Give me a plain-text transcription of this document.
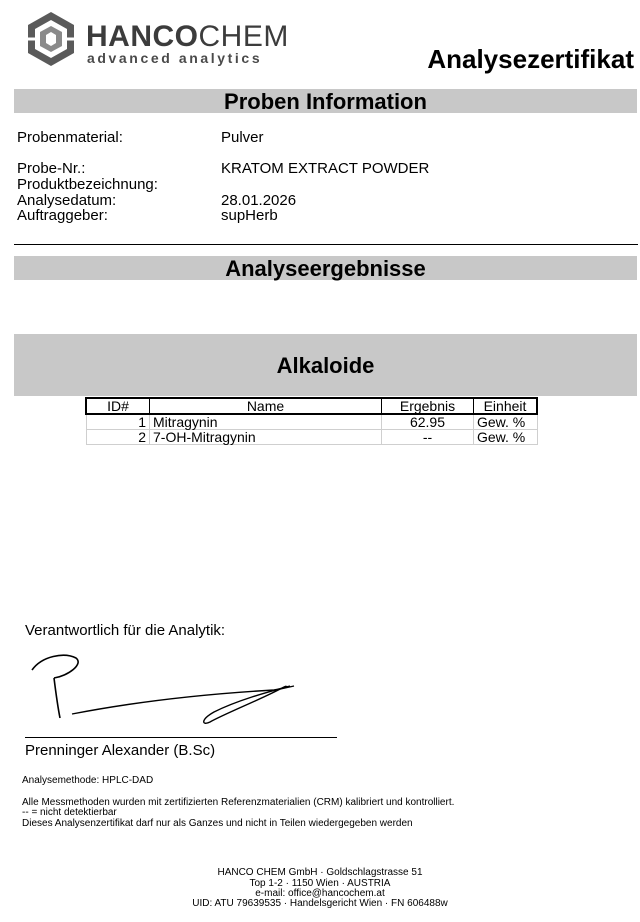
HANCOCHEM
advanced analytics	Analysezertifikat
Proben Information
Probenmaterial:	Pulver
Probe-Nr.:	KRATOM EXTRACT POWDER
Produktbezeichnung:
Analysedatum:	28.01.2026
Auftraggeber:	supHerb
Analyseergebnisse
Alkaloide
ID#	Name	Ergebnis	Einheit
1	Mitragynin	62.95	Gew. %
2	7-OH-Mitragynin	--	Gew. %
Verantwortlich für die Analytik:
Prenninger Alexander (B.Sc)
Analysemethode: HPLC-DAD
Alle Messmethoden wurden mit zertifizierten Referenzmaterialien (CRM) kalibriert und kontrolliert.
-- = nicht detektierbar
Dieses Analysenzertifikat darf nur als Ganzes und nicht in Teilen wiedergegeben werden
HANCO CHEM GmbH · Goldschlagstrasse 51
Top 1-2 · 1150 Wien · AUSTRIA
e-mail: office@hancochem.at
UID: ATU 79639535 · Handelsgericht Wien · FN 606488w
